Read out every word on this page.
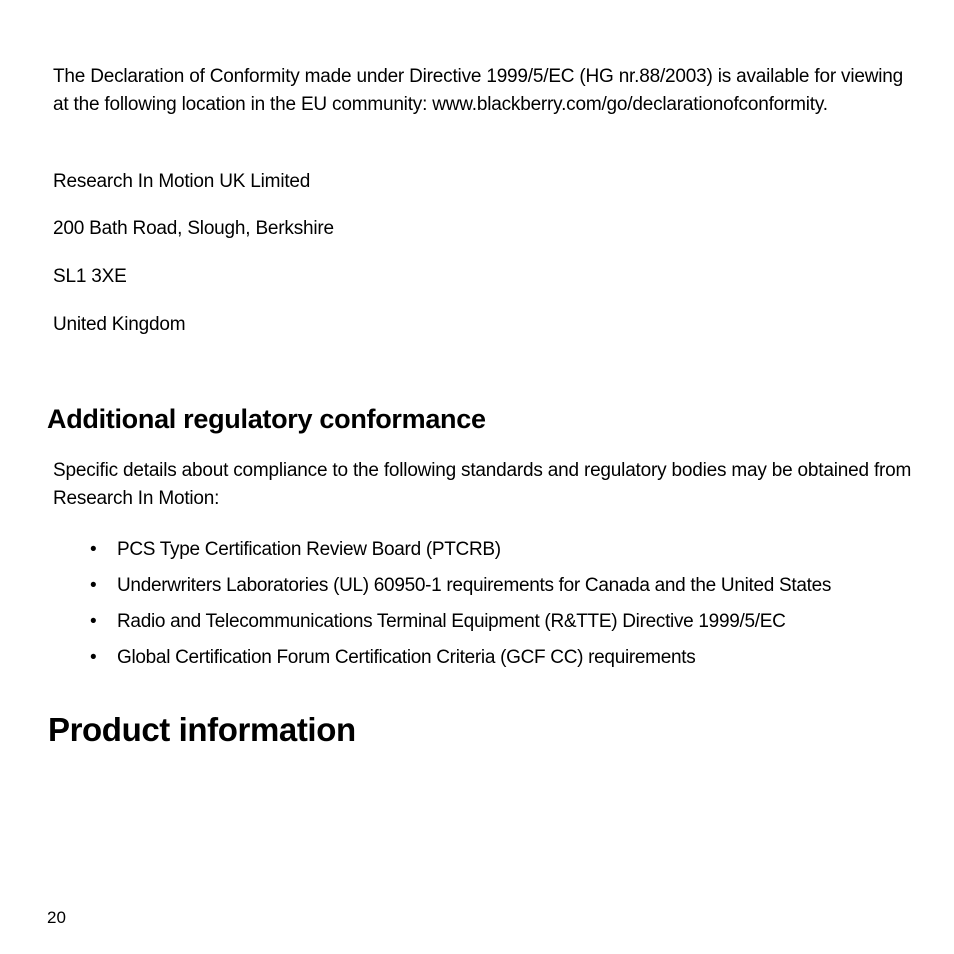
The Declaration of Conformity made under Directive 1999/5/EC (HG nr.88/2003) is available for viewing at the following location in the EU community: www.blackberry.com/go/declarationofconformity.

Research In Motion UK Limited

200 Bath Road, Slough, Berkshire

SL1 3XE

United Kingdom

Additional regulatory conformance

Specific details about compliance to the following standards and regulatory bodies may be obtained from Research In Motion:

• PCS Type Certification Review Board (PTCRB)
• Underwriters Laboratories (UL) 60950-1 requirements for Canada and the United States
• Radio and Telecommunications Terminal Equipment (R&TTE) Directive 1999/5/EC
• Global Certification Forum Certification Criteria (GCF CC) requirements
Product information
20
